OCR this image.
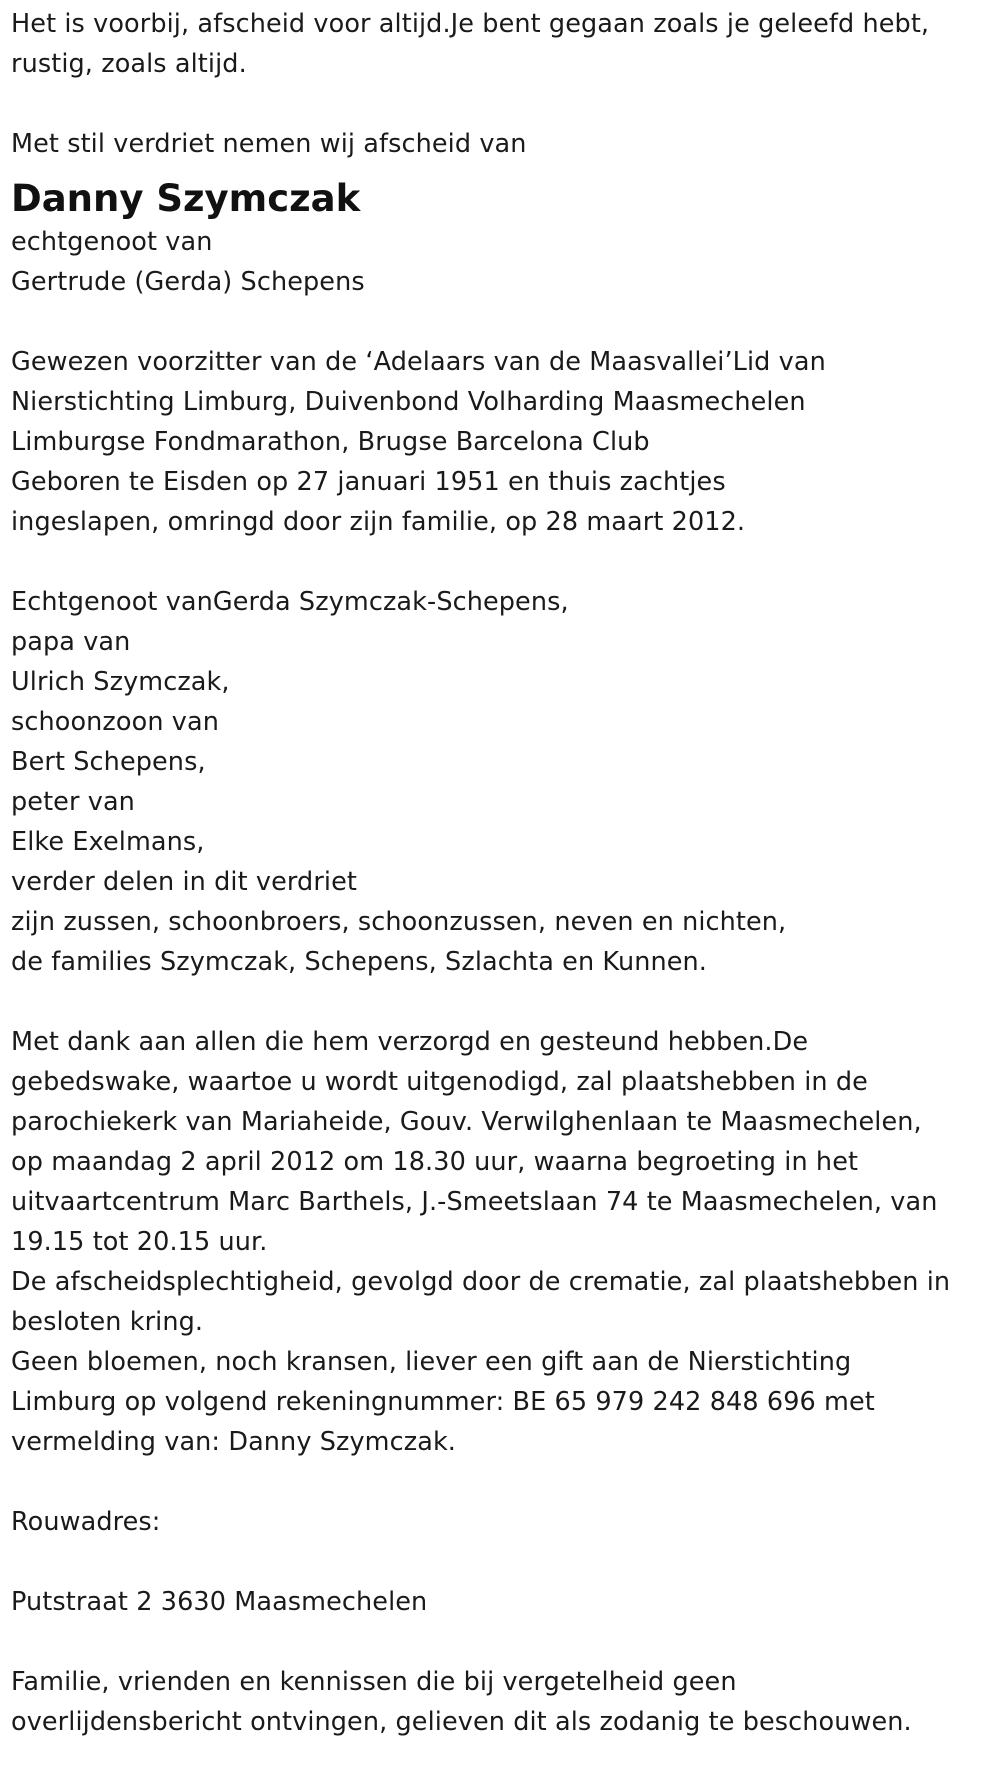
Het is voorbij, afscheid voor altijd.Je bent gegaan zoals je geleefd hebt,
rustig, zoals altijd.
Met stil verdriet nemen wij afscheid van
Danny Szymczak
echtgenoot van
Gertrude (Gerda) Schepens
Gewezen voorzitter van de ‘Adelaars van de Maasvallei’Lid van
Nierstichting Limburg, Duivenbond Volharding Maasmechelen
Limburgse Fondmarathon, Brugse Barcelona Club
Geboren te Eisden op 27 januari 1951 en thuis zachtjes
ingeslapen, omringd door zijn familie, op 28 maart 2012.
Echtgenoot vanGerda Szymczak-Schepens,
papa van
Ulrich Szymczak,
schoonzoon van
Bert Schepens,
peter van
Elke Exelmans,
verder delen in dit verdriet
zijn zussen, schoonbroers, schoonzussen, neven en nichten,
de families Szymczak, Schepens, Szlachta en Kunnen.
Met dank aan allen die hem verzorgd en gesteund hebben.De
gebedswake, waartoe u wordt uitgenodigd, zal plaatshebben in de
parochiekerk van Mariaheide, Gouv. Verwilghenlaan te Maasmechelen,
op maandag 2 april 2012 om 18.30 uur, waarna begroeting in het
uitvaartcentrum Marc Barthels, J.-Smeetslaan 74 te Maasmechelen, van
19.15 tot 20.15 uur.
De afscheidsplechtigheid, gevolgd door de crematie, zal plaatshebben in
besloten kring.
Geen bloemen, noch kransen, liever een gift aan de Nierstichting
Limburg op volgend rekeningnummer: BE 65 979 242 848 696 met
vermelding van: Danny Szymczak.
Rouwadres:
Putstraat 2 3630 Maasmechelen
Familie, vrienden en kennissen die bij vergetelheid geen
overlijdensbericht ontvingen, gelieven dit als zodanig te beschouwen.
